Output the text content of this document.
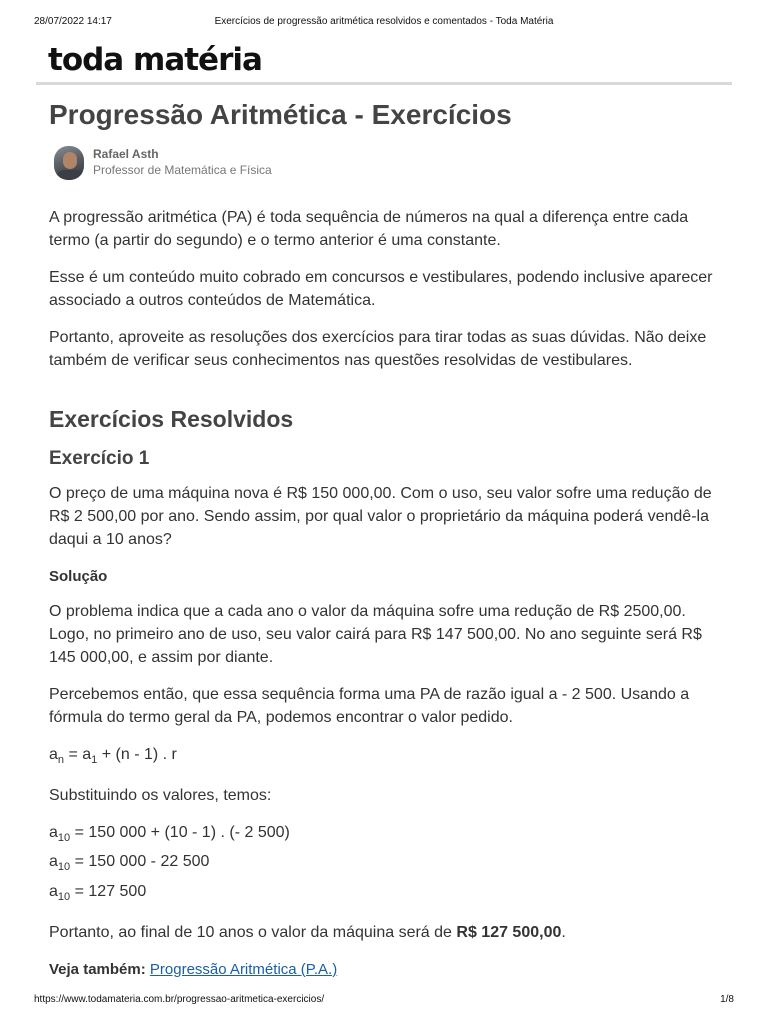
28/07/2022 14:17	Exercícios de progressão aritmética resolvidos e comentados - Toda Matéria
toda matéria
Progressão Aritmética - Exercícios
Rafael Asth
Professor de Matemática e Física

A progressão aritmética (PA) é toda sequência de números na qual a diferença entre cada termo (a partir do segundo) e o termo anterior é uma constante.

Esse é um conteúdo muito cobrado em concursos e vestibulares, podendo inclusive aparecer associado a outros conteúdos de Matemática.

Portanto, aproveite as resoluções dos exercícios para tirar todas as suas dúvidas. Não deixe também de verificar seus conhecimentos nas questões resolvidas de vestibulares.

Exercícios Resolvidos
Exercício 1

O preço de uma máquina nova é R$ 150 000,00. Com o uso, seu valor sofre uma redução de R$ 2 500,00 por ano. Sendo assim, por qual valor o proprietário da máquina poderá vendê-la daqui a 10 anos?

Solução

O problema indica que a cada ano o valor da máquina sofre uma redução de R$ 2500,00. Logo, no primeiro ano de uso, seu valor cairá para R$ 147 500,00. No ano seguinte será R$ 145 000,00, e assim por diante.

Percebemos então, que essa sequência forma uma PA de razão igual a - 2 500. Usando a fórmula do termo geral da PA, podemos encontrar o valor pedido.

$a_n = a_1 + (n - 1)$ . r

Substituindo os valores, temos:

$a_{10} = 150$ 000 + (10 - 1) . (- 2 500)
$a_{10} = 150$ 000 - 22 500
$a_{10} = 127$ 500

Portanto, ao final de 10 anos o valor da máquina será de R$ 127 500,00.

Veja também: Progressão Aritmética (P.A.)
https://www.todamateria.com.br/progressao-aritmetica-exercicios/	1/8
